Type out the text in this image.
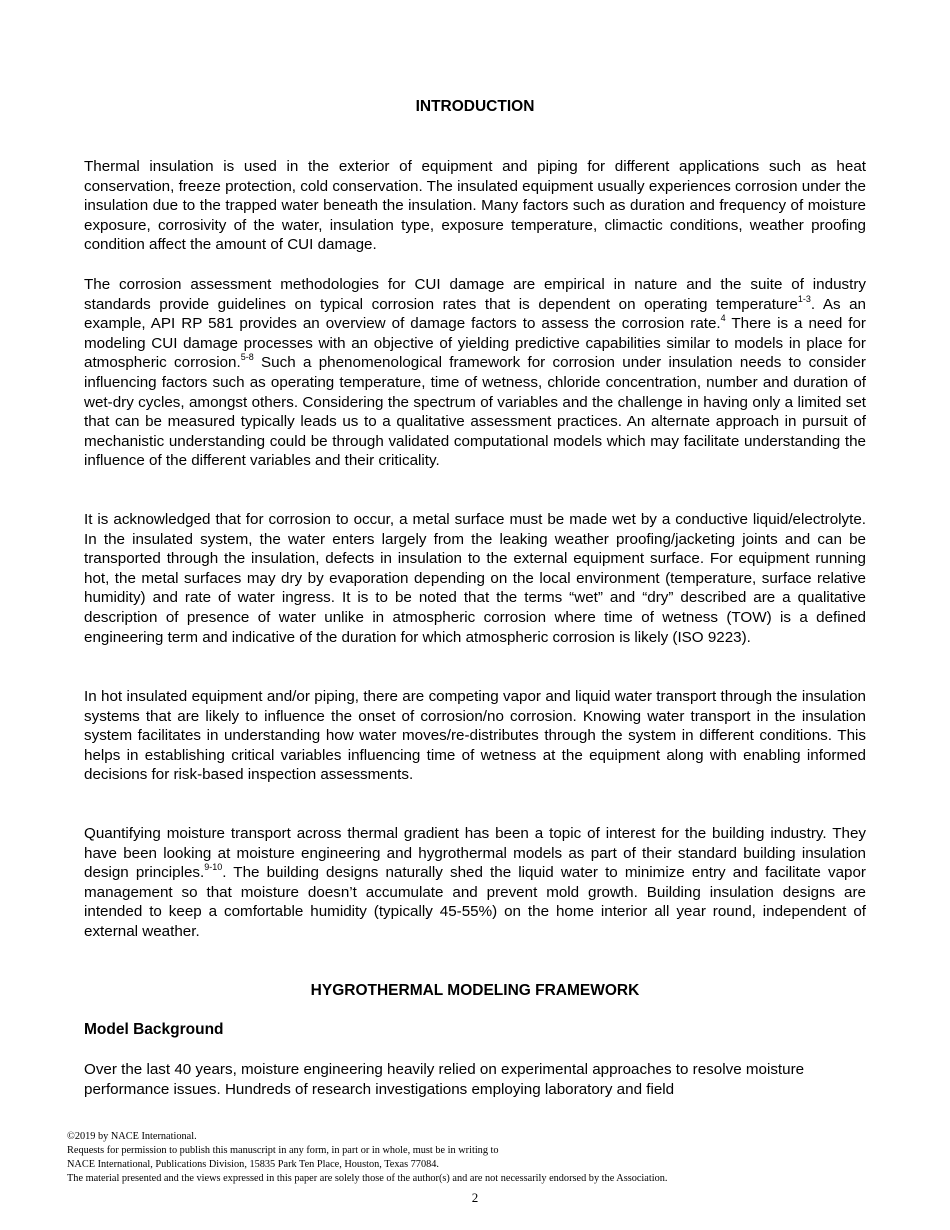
INTRODUCTION

Thermal insulation is used in the exterior of equipment and piping for different applications such as heat conservation, freeze protection, cold conservation. The insulated equipment usually experiences corrosion under the insulation due to the trapped water beneath the insulation. Many factors such as duration and frequency of moisture exposure, corrosivity of the water, insulation type, exposure temperature, climactic conditions, weather proofing condition affect the amount of CUI damage.

The corrosion assessment methodologies for CUI damage are empirical in nature and the suite of industry standards provide guidelines on typical corrosion rates that is dependent on operating temperature$^{1-3}$. As an example, API RP 581 provides an overview of damage factors to assess the corrosion rate.$^4$ There is a need for modeling CUI damage processes with an objective of yielding predictive capabilities similar to models in place for atmospheric corrosion.$^{5-8}$ Such a phenomenological framework for corrosion under insulation needs to consider influencing factors such as operating temperature, time of wetness, chloride concentration, number and duration of wet-dry cycles, amongst others. Considering the spectrum of variables and the challenge in having only a limited set that can be measured typically leads us to a qualitative assessment practices. An alternate approach in pursuit of mechanistic understanding could be through validated computational models which may facilitate understanding the influence of the different variables and their criticality.

It is acknowledged that for corrosion to occur, a metal surface must be made wet by a conductive liquid/electrolyte. In the insulated system, the water enters largely from the leaking weather proofing/jacketing joints and can be transported through the insulation, defects in insulation to the external equipment surface. For equipment running hot, the metal surfaces may dry by evaporation depending on the local environment (temperature, surface relative humidity) and rate of water ingress. It is to be noted that the terms “wet” and “dry” described are a qualitative description of presence of water unlike in atmospheric corrosion where time of wetness (TOW) is a defined engineering term and indicative of the duration for which atmospheric corrosion is likely (ISO 9223).

In hot insulated equipment and/or piping, there are competing vapor and liquid water transport through the insulation systems that are likely to influence the onset of corrosion/no corrosion. Knowing water transport in the insulation system facilitates in understanding how water moves/re-distributes through the system in different conditions. This helps in establishing critical variables influencing time of wetness at the equipment along with enabling informed decisions for risk-based inspection assessments.

Quantifying moisture transport across thermal gradient has been a topic of interest for the building industry. They have been looking at moisture engineering and hygrothermal models as part of their standard building insulation design principles.$^{9-10}$. The building designs naturally shed the liquid water to minimize entry and facilitate vapor management so that moisture doesn’t accumulate and prevent mold growth. Building insulation designs are intended to keep a comfortable humidity (typically 45-55%) on the home interior all year round, independent of external weather.

HYGROTHERMAL MODELING FRAMEWORK
Model Background

Over the last 40 years, moisture engineering heavily relied on experimental approaches to resolve moisture performance issues. Hundreds of research investigations employing laboratory and field

©2019 by NACE International.
Requests for permission to publish this manuscript in any form, in part or in whole, must be in writing to
NACE International, Publications Division, 15835 Park Ten Place, Houston, Texas 77084.
The material presented and the views expressed in this paper are solely those of the author(s) and are not necessarily endorsed by the Association.
2
